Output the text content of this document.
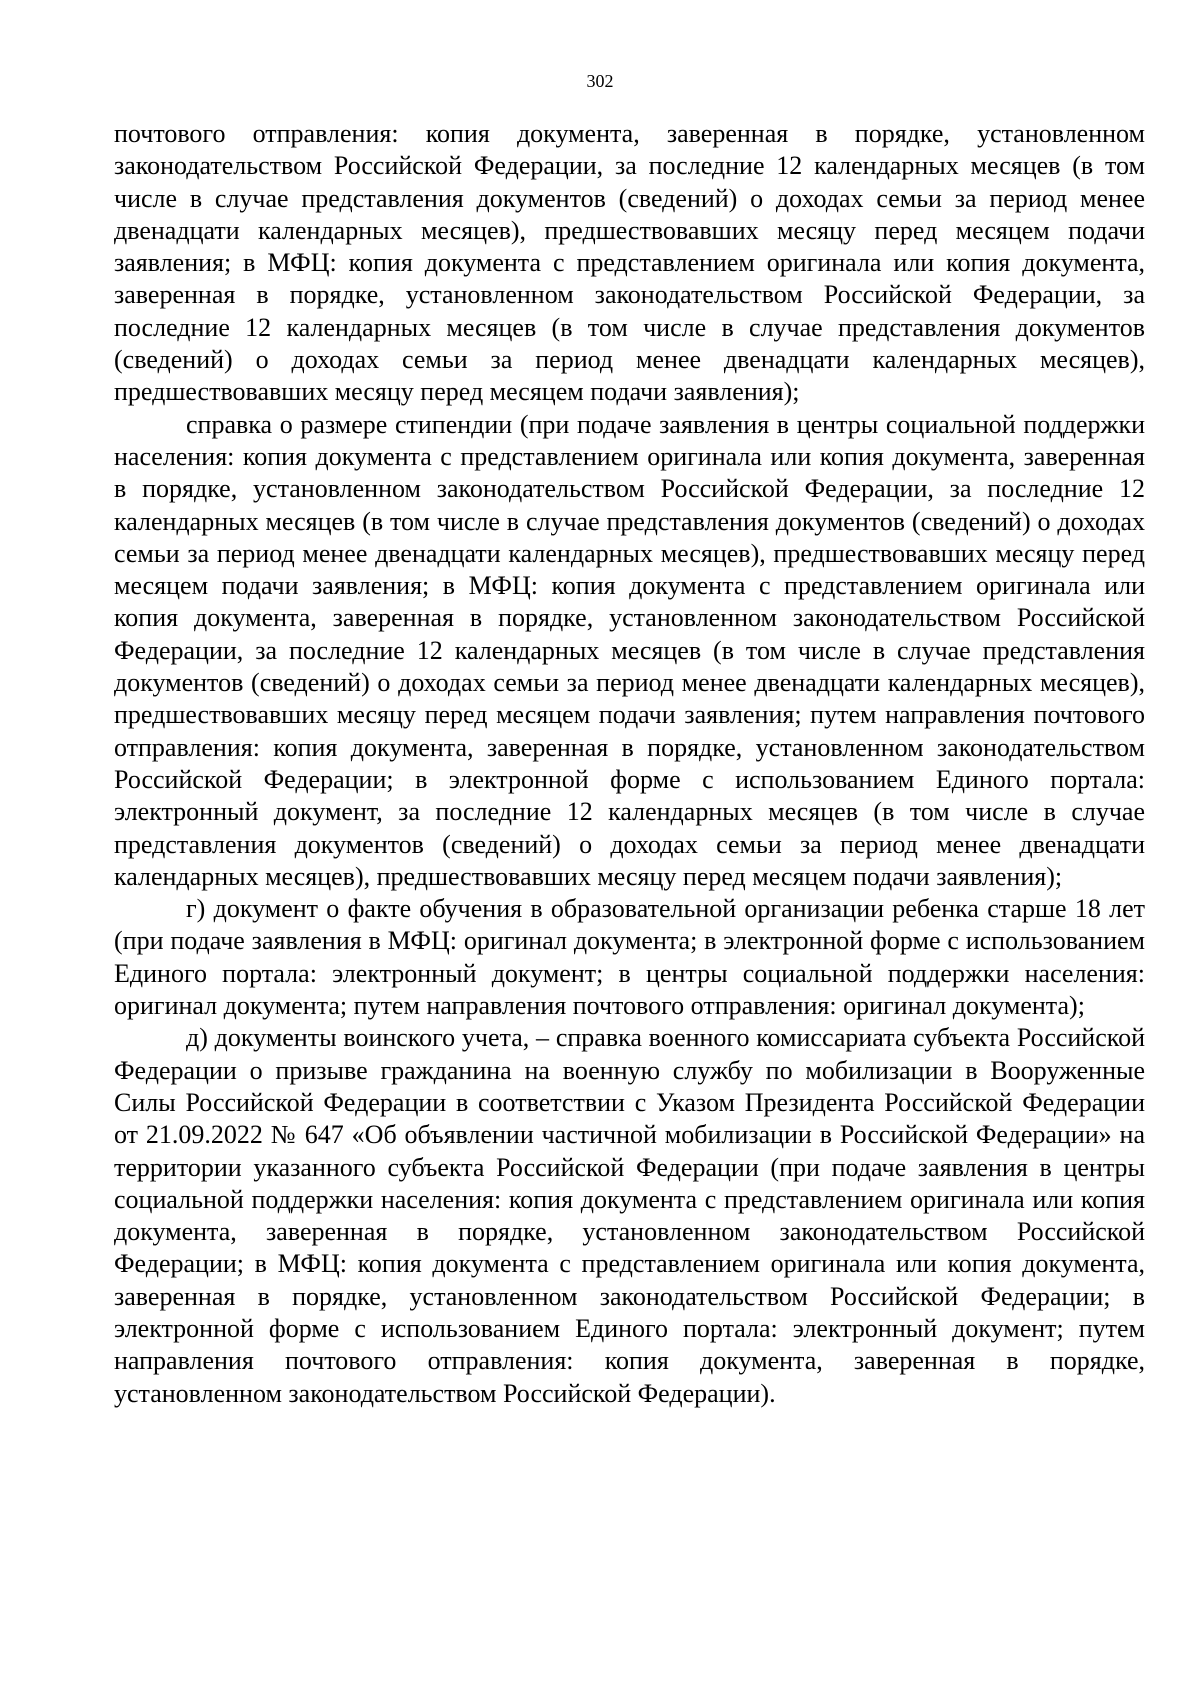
302

почтового отправления: копия документа, заверенная в порядке, установленном законодательством Российской Федерации, за последние 12 календарных месяцев (в том числе в случае представления документов (сведений) о доходах семьи за период менее двенадцати календарных месяцев), предшествовавших месяцу перед месяцем подачи заявления; в МФЦ: копия документа с представлением оригинала или копия документа, заверенная в порядке, установленном законодательством Российской Федерации, за последние 12 календарных месяцев (в том числе в случае представления документов (сведений) о доходах семьи за период менее двенадцати календарных месяцев), предшествовавших месяцу перед месяцем подачи заявления);

справка о размере стипендии (при подаче заявления в центры социальной поддержки населения: копия документа с представлением оригинала или копия документа, заверенная в порядке, установленном законодательством Российской Федерации, за последние 12 календарных месяцев (в том числе в случае представления документов (сведений) о доходах семьи за период менее двенадцати календарных месяцев), предшествовавших месяцу перед месяцем подачи заявления; в МФЦ: копия документа с представлением оригинала или копия документа, заверенная в порядке, установленном законодательством Российской Федерации, за последние 12 календарных месяцев (в том числе в случае представления документов (сведений) о доходах семьи за период менее двенадцати календарных месяцев), предшествовавших месяцу перед месяцем подачи заявления; путем направления почтового отправления: копия документа, заверенная в порядке, установленном законодательством Российской Федерации; в электронной форме с использованием Единого портала: электронный документ, за последние 12 календарных месяцев (в том числе в случае представления документов (сведений) о доходах семьи за период менее двенадцати календарных месяцев), предшествовавших месяцу перед месяцем подачи заявления);

г) документ о факте обучения в образовательной организации ребенка старше 18 лет (при подаче заявления в МФЦ: оригинал документа; в электронной форме с использованием Единого портала: электронный документ; в центры социальной поддержки населения: оригинал документа; путем направления почтового отправления: оригинал документа);

д) документы воинского учета, – справка военного комиссариата субъекта Российской Федерации о призыве гражданина на военную службу по мобилизации в Вооруженные Силы Российской Федерации в соответствии с Указом Президента Российской Федерации от 21.09.2022 № 647 «Об объявлении частичной мобилизации в Российской Федерации» на территории указанного субъекта Российской Федерации (при подаче заявления в центры социальной поддержки населения: копия документа с представлением оригинала или копия документа, заверенная в порядке, установленном законодательством Российской Федерации; в МФЦ: копия документа с представлением оригинала или копия документа, заверенная в порядке, установленном законодательством Российской Федерации; в электронной форме с использованием Единого портала: электронный документ; путем направления почтового отправления: копия документа, заверенная в порядке, установленном законодательством Российской Федерации).
